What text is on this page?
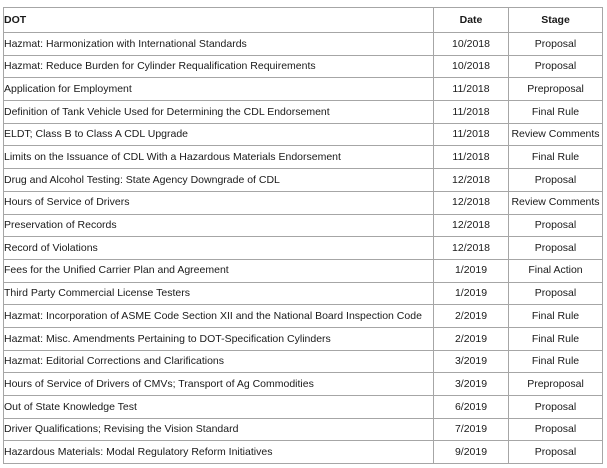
DOT	Date	Stage
Hazmat: Harmonization with International Standards	10/2018	Proposal
Hazmat: Reduce Burden for Cylinder Requalification Requirements	10/2018	Proposal
Application for Employment	11/2018	Preproposal
Definition of Tank Vehicle Used for Determining the CDL Endorsement	11/2018	Final Rule
ELDT; Class B to Class A CDL Upgrade	11/2018	Review Comments
Limits on the Issuance of CDL With a Hazardous Materials Endorsement	11/2018	Final Rule
Drug and Alcohol Testing: State Agency Downgrade of CDL	12/2018	Proposal
Hours of Service of Drivers	12/2018	Review Comments
Preservation of Records	12/2018	Proposal
Record of Violations	12/2018	Proposal
Fees for the Unified Carrier Plan and Agreement	1/2019	Final Action
Third Party Commercial License Testers	1/2019	Proposal
Hazmat: Incorporation of ASME Code Section XII and the National Board Inspection Code	2/2019	Final Rule
Hazmat: Misc. Amendments Pertaining to DOT-Specification Cylinders	2/2019	Final Rule
Hazmat: Editorial Corrections and Clarifications	3/2019	Final Rule
Hours of Service of Drivers of CMVs; Transport of Ag Commodities	3/2019	Preproposal
Out of State Knowledge Test	6/2019	Proposal
Driver Qualifications; Revising the Vision Standard	7/2019	Proposal
Hazardous Materials: Modal Regulatory Reform Initiatives	9/2019	Proposal
